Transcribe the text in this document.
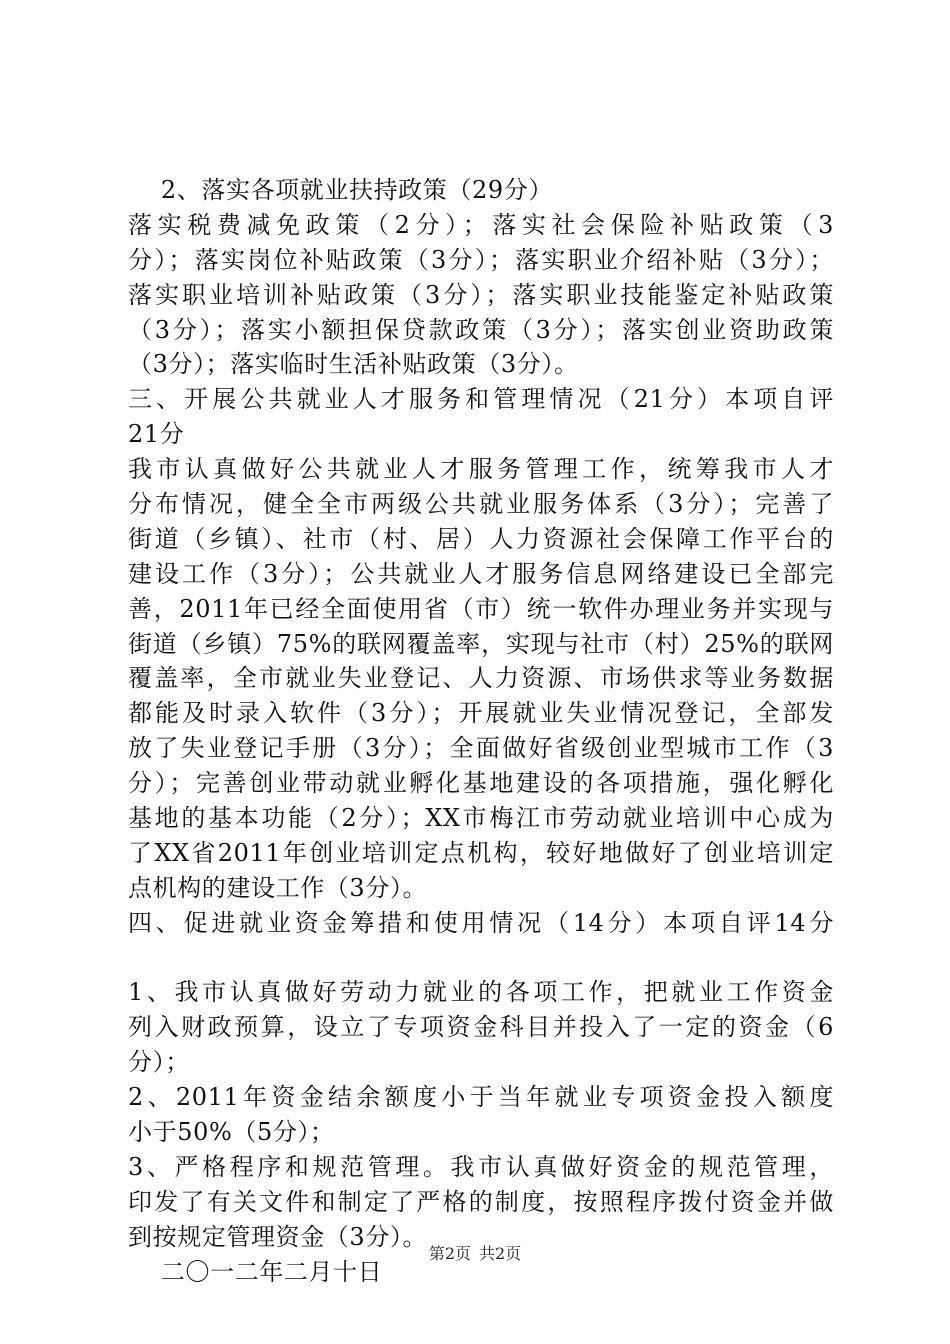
2、落实各项就业扶持政策（29分）
落实税费减免政策（2分）；落实社会保险补贴政策（3
分）；落实岗位补贴政策（3分）；落实职业介绍补贴（3分）；
落实职业培训补贴政策（3分）；落实职业技能鉴定补贴政策
（3分）；落实小额担保贷款政策（3分）；落实创业资助政策
（3分）；落实临时生活补贴政策（3分）。
三、开展公共就业人才服务和管理情况（21分）本项自评
21分
我市认真做好公共就业人才服务管理工作，统筹我市人才
分布情况，健全全市两级公共就业服务体系（3分）；完善了
街道（乡镇）、社市（村、居）人力资源社会保障工作平台的
建设工作（3分）；公共就业人才服务信息网络建设已全部完
善，2011年已经全面使用省（市）统一软件办理业务并实现与
街道（乡镇）75%的联网覆盖率，实现与社市（村）25%的联网
覆盖率，全市就业失业登记、人力资源、市场供求等业务数据
都能及时录入软件（3分）；开展就业失业情况登记，全部发
放了失业登记手册（3分）；全面做好省级创业型城市工作（3
分）；完善创业带动就业孵化基地建设的各项措施，强化孵化
基地的基本功能（2分）；XX市梅江市劳动就业培训中心成为
了XX省2011年创业培训定点机构，较好地做好了创业培训定
点机构的建设工作（3分）。
四、促进就业资金筹措和使用情况（14分）本项自评14分
1、我市认真做好劳动力就业的各项工作，把就业工作资金
列入财政预算，设立了专项资金科目并投入了一定的资金（6
分）；
2、2011年资金结余额度小于当年就业专项资金投入额度
小于50%（5分）；
3、严格程序和规范管理。我市认真做好资金的规范管理，
印发了有关文件和制定了严格的制度，按照程序拨付资金并做
到按规定管理资金（3分）。
二〇一二年二月十日
第2页 共2页
